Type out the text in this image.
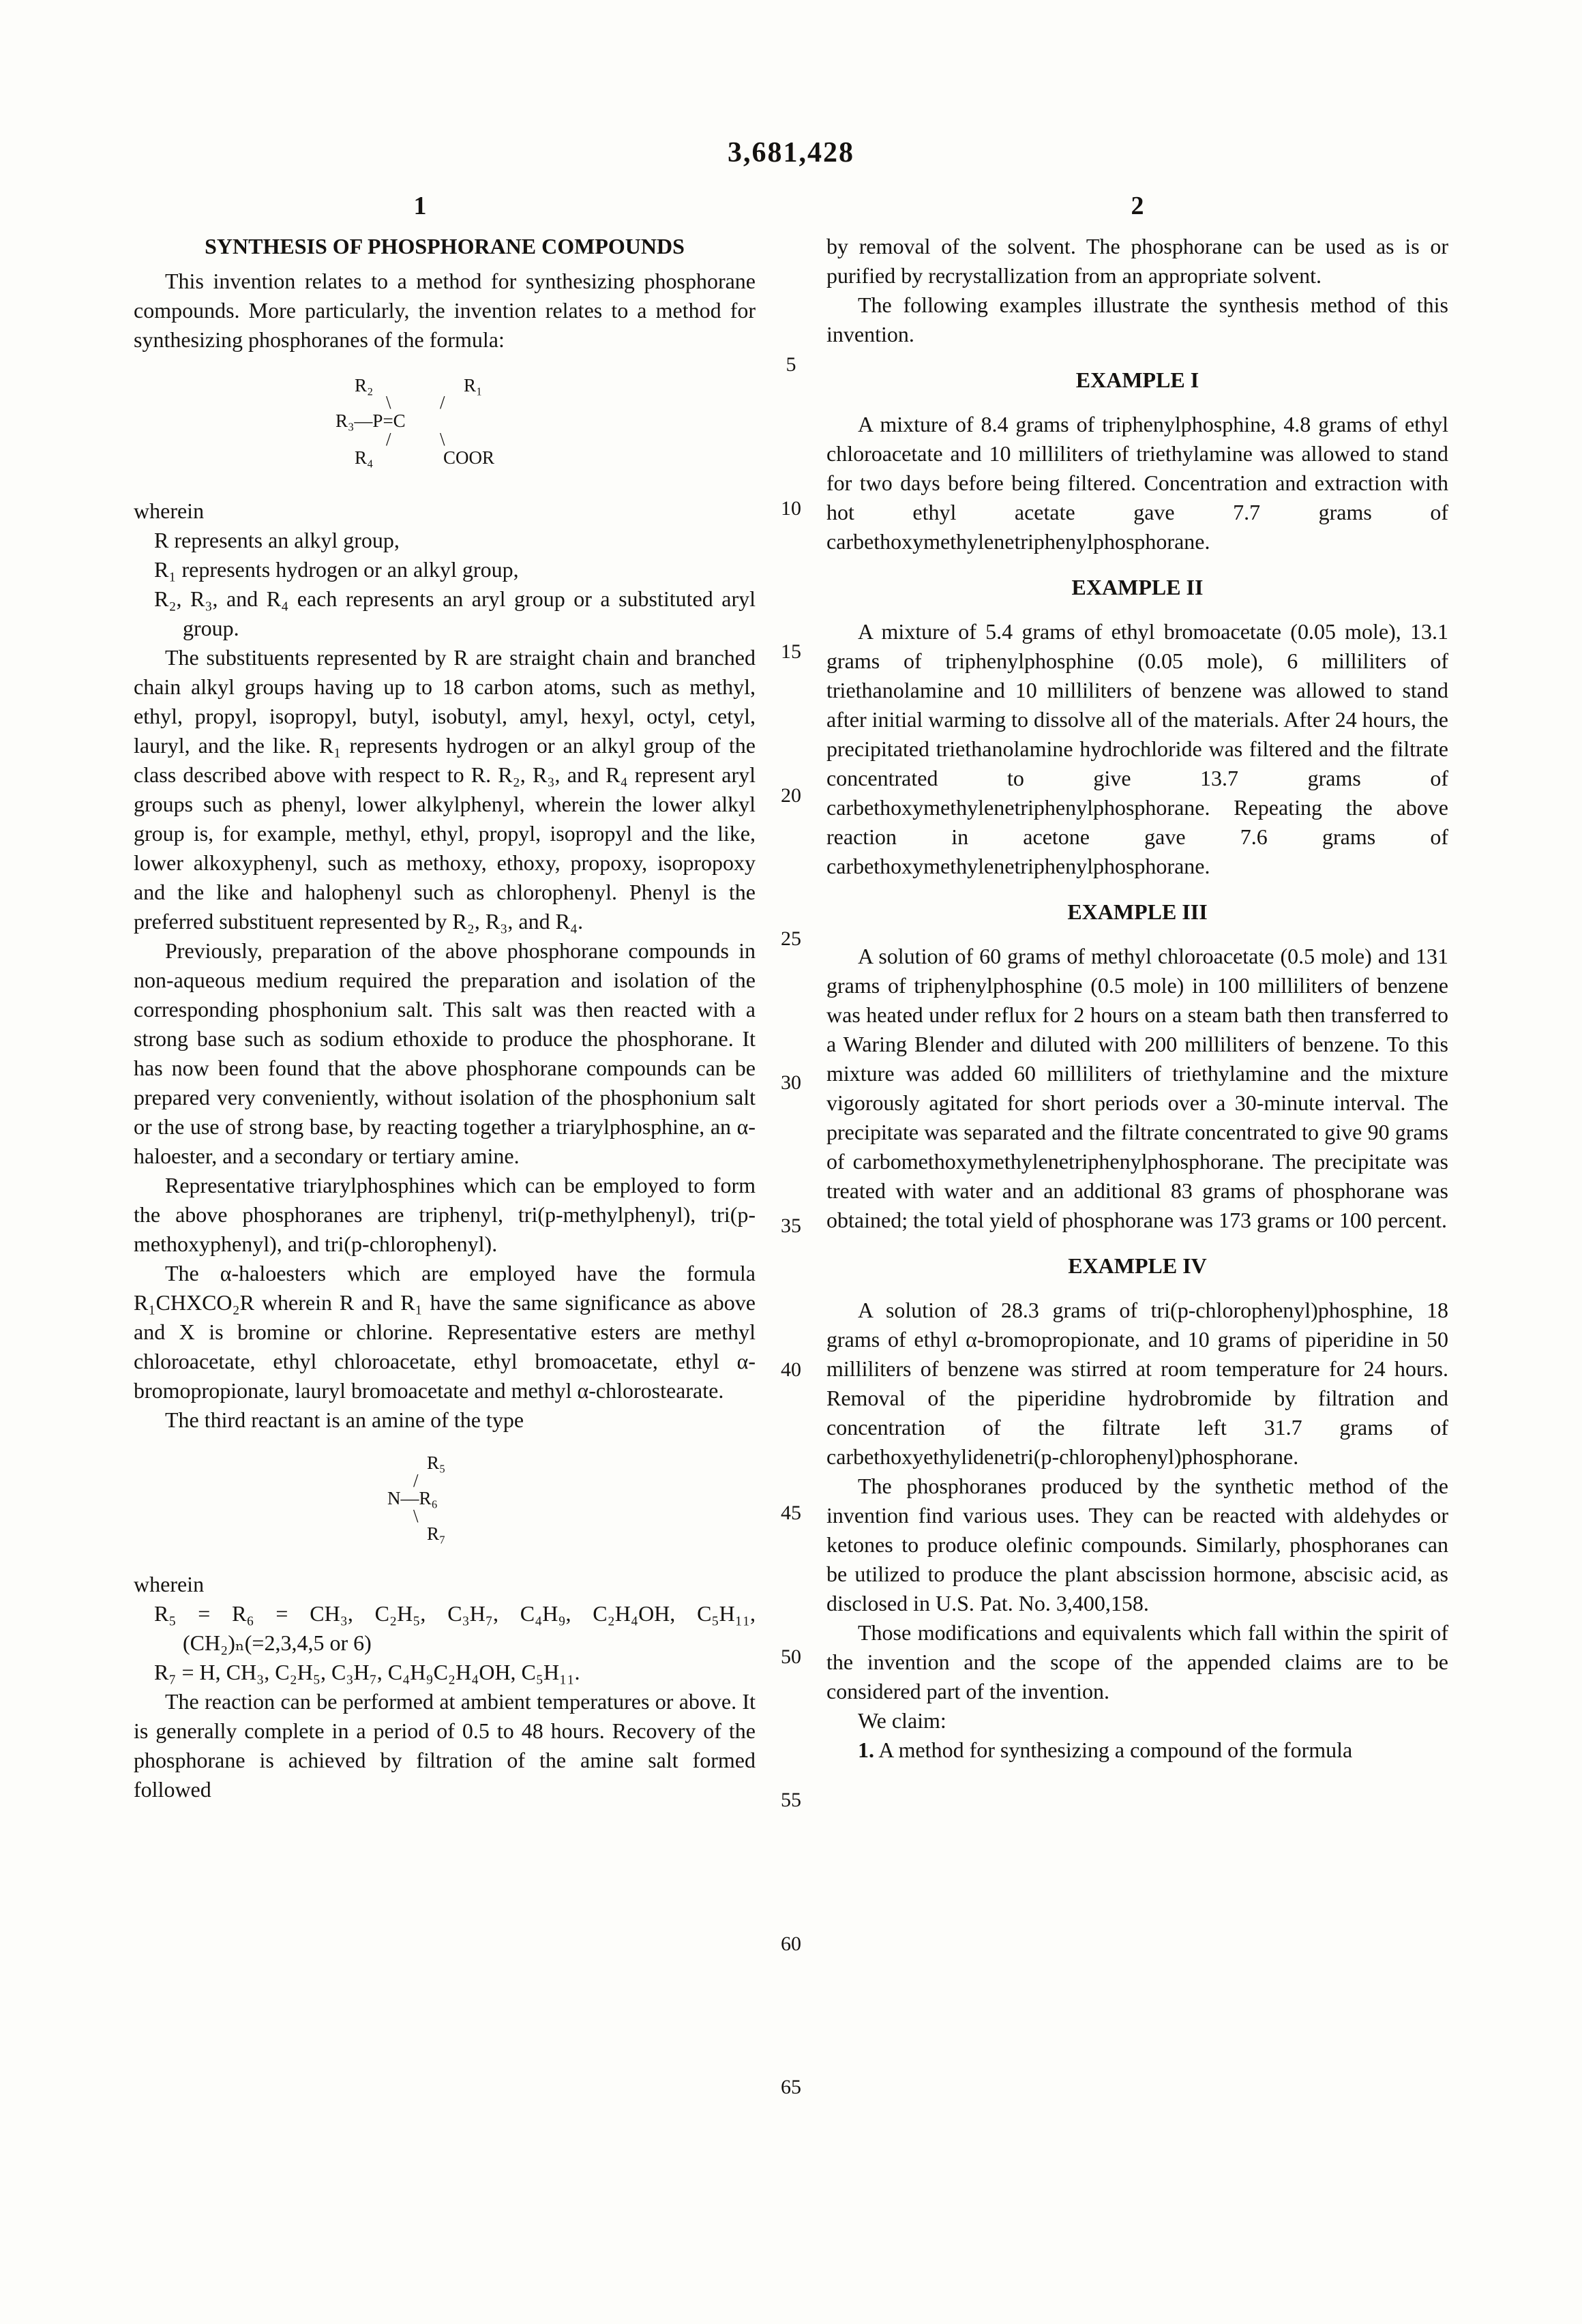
3,681,428
1	2
5
10
15
20
25
30
35
40
45
50
55
60
65
SYNTHESIS OF PHOSPHORANE COMPOUNDS

This invention relates to a method for synthesizing phosphorane compounds. More particularly, the invention relates to a method for synthesizing phosphoranes of the formula:

R₂	R₁
\	/
R₃—P=C
/	\
R₄	COOR

wherein

R represents an alkyl group,
R₁ represents hydrogen or an alkyl group,
R₂, R₃, and R₄ each represents an aryl group or a substituted aryl group.

The substituents represented by R are straight chain and branched chain alkyl groups having up to 18 carbon atoms, such as methyl, ethyl, propyl, isopropyl, butyl, isobutyl, amyl, hexyl, octyl, cetyl, lauryl, and the like. R₁ represents hydrogen or an alkyl group of the class described above with respect to R. R₂, R₃, and R₄ represent aryl groups such as phenyl, lower alkylphenyl, wherein the lower alkyl group is, for example, methyl, ethyl, propyl, isopropyl and the like, lower alkoxyphenyl, such as methoxy, ethoxy, propoxy, isopropoxy and the like and halophenyl such as chlorophenyl. Phenyl is the preferred substituent represented by R₂, R₃, and R₄.

Previously, preparation of the above phosphorane compounds in non-aqueous medium required the preparation and isolation of the corresponding phosphonium salt. This salt was then reacted with a strong base such as sodium ethoxide to produce the phosphorane. It has now been found that the above phosphorane compounds can be prepared very conveniently, without isolation of the phosphonium salt or the use of strong base, by reacting together a triarylphosphine, an α-haloester, and a secondary or tertiary amine.

Representative triarylphosphines which can be employed to form the above phosphoranes are triphenyl, tri(p-methylphenyl), tri(p-methoxyphenyl), and tri(p-chlorophenyl).

The α-haloesters which are employed have the formula R₁CHXCO₂R wherein R and R₁ have the same significance as above and X is bromine or chlorine. Representative esters are methyl chloroacetate, ethyl chloroacetate, ethyl bromoacetate, ethyl α-bromopropionate, lauryl bromoacetate and methyl α-chlorostearate.

The third reactant is an amine of the type

R₅
/
N—R₆
\
R₇

wherein

R₅ = R₆ = CH₃, C₂H₅, C₃H₇, C₄H₉, C₂H₄OH, C₅H₁₁, (CH₂)ₙ(=2,3,4,5 or 6)
R₇ = H, CH₃, C₂H₅, C₃H₇, C₄H₉C₂H₄OH, C₅H₁₁.

The reaction can be performed at ambient temperatures or above. It is generally complete in a period of 0.5 to 48 hours. Recovery of the phosphorane is achieved by filtration of the amine salt formed followed

by removal of the solvent. The phosphorane can be used as is or purified by recrystallization from an appropriate solvent.

The following examples illustrate the synthesis method of this invention.

EXAMPLE I

A mixture of 8.4 grams of triphenylphosphine, 4.8 grams of ethyl chloroacetate and 10 milliliters of triethylamine was allowed to stand for two days before being filtered. Concentration and extraction with hot ethyl acetate gave 7.7 grams of carbethoxymethylenetriphenylphosphorane.

EXAMPLE II

A mixture of 5.4 grams of ethyl bromoacetate (0.05 mole), 13.1 grams of triphenylphosphine (0.05 mole), 6 milliliters of triethanolamine and 10 milliliters of benzene was allowed to stand after initial warming to dissolve all of the materials. After 24 hours, the precipitated triethanolamine hydrochloride was filtered and the filtrate concentrated to give 13.7 grams of carbethoxymethylenetriphenylphosphorane. Repeating the above reaction in acetone gave 7.6 grams of carbethoxymethylenetriphenylphosphorane.

EXAMPLE III

A solution of 60 grams of methyl chloroacetate (0.5 mole) and 131 grams of triphenylphosphine (0.5 mole) in 100 milliliters of benzene was heated under reflux for 2 hours on a steam bath then transferred to a Waring Blender and diluted with 200 milliliters of benzene. To this mixture was added 60 milliliters of triethylamine and the mixture vigorously agitated for short periods over a 30-minute interval. The precipitate was separated and the filtrate concentrated to give 90 grams of carbomethoxymethylenetriphenylphosphorane. The precipitate was treated with water and an additional 83 grams of phosphorane was obtained; the total yield of phosphorane was 173 grams or 100 percent.

EXAMPLE IV

A solution of 28.3 grams of tri(p-chlorophenyl)phosphine, 18 grams of ethyl α-bromopropionate, and 10 grams of piperidine in 50 milliliters of benzene was stirred at room temperature for 24 hours. Removal of the piperidine hydrobromide by filtration and concentration of the filtrate left 31.7 grams of carbethoxyethylidenetri(p-chlorophenyl)phosphorane.

The phosphoranes produced by the synthetic method of the invention find various uses. They can be reacted with aldehydes or ketones to produce olefinic compounds. Similarly, phosphoranes can be utilized to produce the plant abscission hormone, abscisic acid, as disclosed in U.S. Pat. No. 3,400,158.

Those modifications and equivalents which fall within the spirit of the invention and the scope of the appended claims are to be considered part of the invention.

We claim:

1. A method for synthesizing a compound of the formula
